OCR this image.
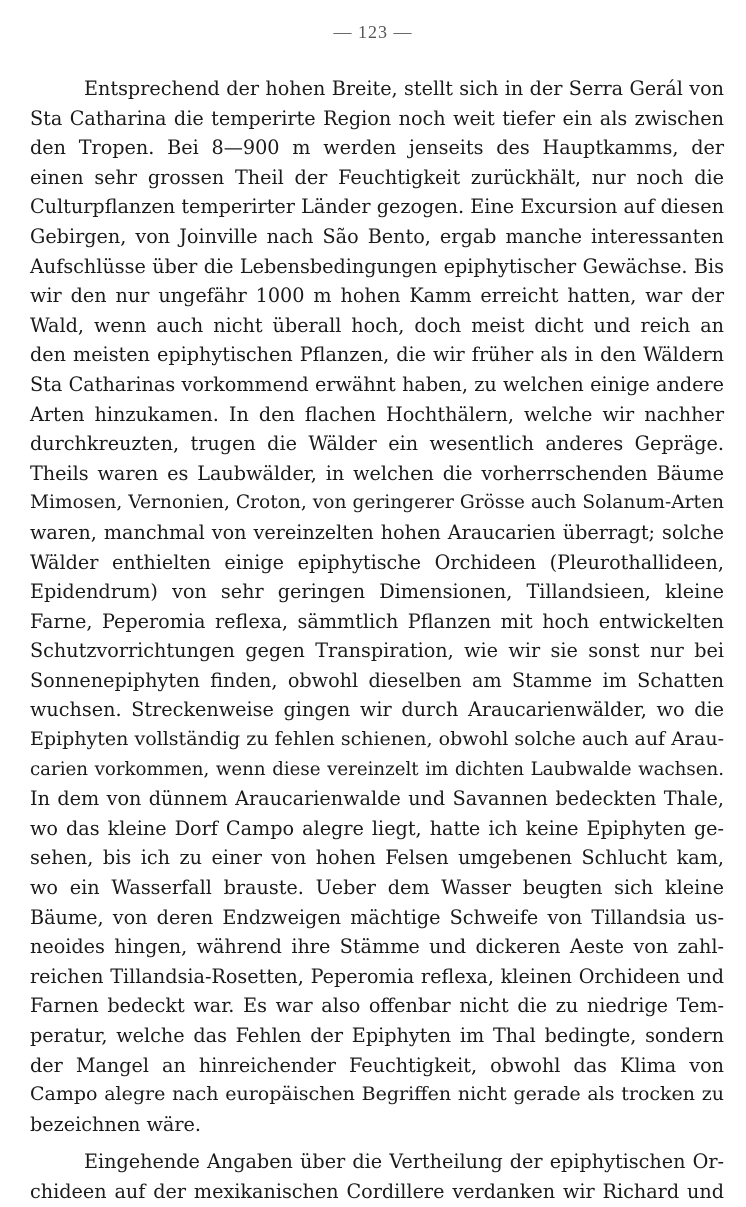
— 123 —
Entsprechend der hohen Breite, stellt sich in der Serra Gerál von
Sta Catharina die temperirte Region noch weit tiefer ein als zwischen
den Tropen. Bei 8—900 m werden jenseits des Hauptkamms, der
einen sehr grossen Theil der Feuchtigkeit zurückhält, nur noch die
Culturpflanzen temperirter Länder gezogen. Eine Excursion auf diesen
Gebirgen, von Joinville nach São Bento, ergab manche interessanten
Aufschlüsse über die Lebensbedingungen epiphytischer Gewächse. Bis
wir den nur ungefähr 1000 m hohen Kamm erreicht hatten, war der
Wald, wenn auch nicht überall hoch, doch meist dicht und reich an
den meisten epiphytischen Pflanzen, die wir früher als in den Wäldern
Sta Catharinas vorkommend erwähnt haben, zu welchen einige andere
Arten hinzukamen. In den flachen Hochthälern, welche wir nachher
durchkreuzten, trugen die Wälder ein wesentlich anderes Gepräge.
Theils waren es Laubwälder, in welchen die vorherrschenden Bäume
Mimosen, Vernonien, Croton, von geringerer Grösse auch Solanum-Arten
waren, manchmal von vereinzelten hohen Araucarien überragt; solche
Wälder enthielten einige epiphytische Orchideen (Pleurothallideen,
Epidendrum) von sehr geringen Dimensionen, Tillandsieen, kleine
Farne, Peperomia reflexa, sämmtlich Pflanzen mit hoch entwickelten
Schutzvorrichtungen gegen Transpiration, wie wir sie sonst nur bei
Sonnenepiphyten finden, obwohl dieselben am Stamme im Schatten
wuchsen. Streckenweise gingen wir durch Araucarienwälder, wo die
Epiphyten vollständig zu fehlen schienen, obwohl solche auch auf Arau-
carien vorkommen, wenn diese vereinzelt im dichten Laubwalde wachsen.
In dem von dünnem Araucarienwalde und Savannen bedeckten Thale,
wo das kleine Dorf Campo alegre liegt, hatte ich keine Epiphyten ge-
sehen, bis ich zu einer von hohen Felsen umgebenen Schlucht kam,
wo ein Wasserfall brauste. Ueber dem Wasser beugten sich kleine
Bäume, von deren Endzweigen mächtige Schweife von Tillandsia us-
neoides hingen, während ihre Stämme und dickeren Aeste von zahl-
reichen Tillandsia-Rosetten, Peperomia reflexa, kleinen Orchideen und
Farnen bedeckt war. Es war also offenbar nicht die zu niedrige Tem-
peratur, welche das Fehlen der Epiphyten im Thal bedingte, sondern
der Mangel an hinreichender Feuchtigkeit, obwohl das Klima von
Campo alegre nach europäischen Begriffen nicht gerade als trocken zu
bezeichnen wäre.
Eingehende Angaben über die Vertheilung der epiphytischen Or-
chideen auf der mexikanischen Cordillere verdanken wir Richard und
